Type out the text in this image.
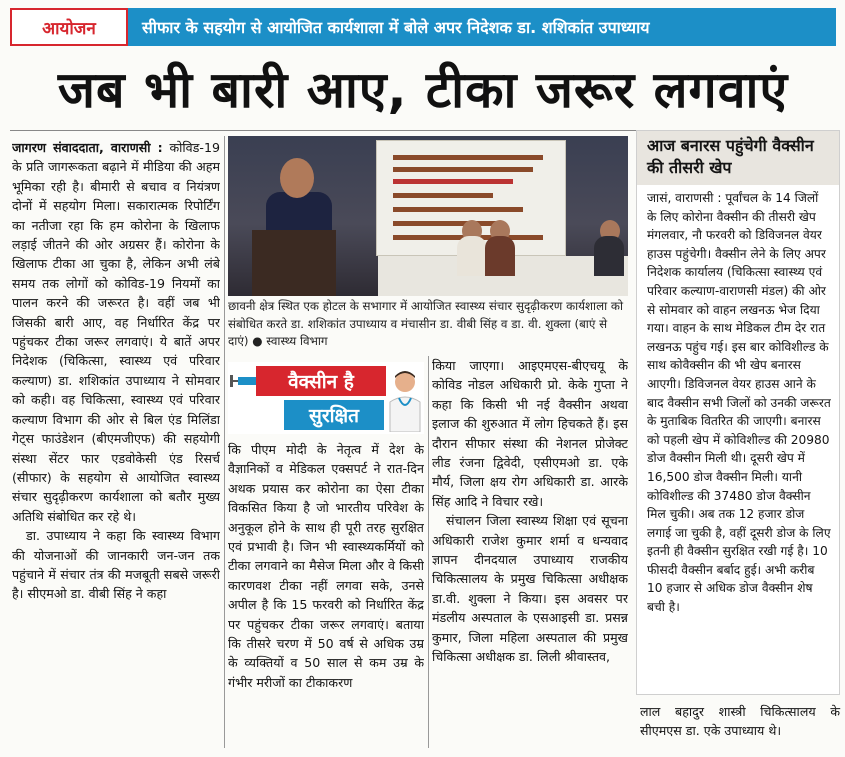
आयोजन	सीफार के सहयोग से आयोजित कार्यशाला में बोले अपर निदेशक डा. शशिकांत उपाध्याय
जब भी बारी आए, टीका जरूर लगवाएं

जागरण संवाददाता, वाराणसी : कोविड-19 के प्रति जागरूकता बढ़ाने में मीडिया की अहम भूमिका रही है। बीमारी से बचाव व नियंत्रण दोनों में सहयोग मिला। सकारात्मक रिपोर्टिंग का नतीजा रहा कि हम कोरोना के खिलाफ लड़ाई जीतने की ओर अग्रसर हैं। कोरोना के खिलाफ टीका आ चुका है, लेकिन अभी लंबे समय तक लोगों को कोविड-19 नियमों का पालन करने की जरूरत है। वहीं जब भी जिसकी बारी आए, वह निर्धारित केंद्र पर पहुंचकर टीका जरूर लगवाएं। ये बातें अपर निदेशक (चिकित्सा, स्वास्थ्य एवं परिवार कल्याण) डा. शशिकांत उपाध्याय ने सोमवार को कही। वह चिकित्सा, स्वास्थ्य एवं परिवार कल्याण विभाग की ओर से बिल एंड मिलिंडा गेट्स फाउंडेशन (बीएमजीएफ) की सहयोगी संस्था सेंटर फार एडवोकेसी एंड रिसर्च (सीफार) के सहयोग से आयोजित स्वास्थ्य संचार सुदृढ़ीकरण कार्यशाला को बतौर मुख्य अतिथि संबोधित कर रहे थे।

डा. उपाध्याय ने कहा कि स्वास्थ्य विभाग की योजनाओं की जानकारी जन-जन तक पहुंचाने में संचार तंत्र की मजबूती सबसे जरूरी है। सीएमओ डा. वीबी सिंह ने कहा

छावनी क्षेत्र स्थित एक होटल के सभागार में आयोजित स्वास्थ्य संचार सुदृढ़ीकरण कार्यशाला को संबोधित करते डा. शशिकांत उपाध्याय व मंचासीन डा. वीबी सिंह व डा. वी. शुक्ला (बाएं से दाएं) ● स्वास्थ्य विभाग
वैक्सीन है
सुरक्षित

कि पीएम मोदी के नेतृत्व में देश के वैज्ञानिकों व मेडिकल एक्सपर्ट ने रात-दिन अथक प्रयास कर कोरोना का ऐसा टीका विकसित किया है जो भारतीय परिवेश के अनुकूल होने के साथ ही पूरी तरह सुरक्षित एवं प्रभावी है। जिन भी स्वास्थ्यकर्मियों को टीका लगवाने का मैसेज मिला और वे किसी कारणवश टीका नहीं लगवा सके, उनसे अपील है कि 15 फरवरी को निर्धारित केंद्र पर पहुंचकर टीका जरूर लगवाएं। बताया कि तीसरे चरण में 50 वर्ष से अधिक उम्र के व्यक्तियों व 50 साल से कम उम्र के गंभीर मरीजों का टीकाकरण

किया जाएगा। आइएमएस-बीएचयू के कोविड नोडल अधिकारी प्रो. केके गुप्ता ने कहा कि किसी भी नई वैक्सीन अथवा इलाज की शुरुआत में लोग हिचकते हैं। इस दौरान सीफार संस्था की नेशनल प्रोजेक्ट लीड रंजना द्विवेदी, एसीएमओ डा. एके मौर्य, जिला क्षय रोग अधिकारी डा. आरके सिंह आदि ने विचार रखे।

संचालन जिला स्वास्थ्य शिक्षा एवं सूचना अधिकारी राजेश कुमार शर्मा व धन्यवाद ज्ञापन दीनदयाल उपाध्याय राजकीय चिकित्सालय के प्रमुख चिकित्सा अधीक्षक डा.वी. शुक्ला ने किया। इस अवसर पर मंडलीय अस्पताल के एसआइसी डा. प्रसन्न कुमार, जिला महिला अस्पताल की प्रमुख चिकित्सा अधीक्षक डा. लिली श्रीवास्तव,

आज बनारस पहुंचेगी वैक्सीन की तीसरी खेप
जासं, वाराणसी : पूर्वांचल के 14 जिलों के लिए कोरोना वैक्सीन की तीसरी खेप मंगलवार, नौ फरवरी को डिविजनल वेयर हाउस पहुंचेगी। वैक्सीन लेने के लिए अपर निदेशक कार्यालय (चिकित्सा स्वास्थ्य एवं परिवार कल्याण-वाराणसी मंडल) की ओर से सोमवार को वाहन लखनऊ भेज दिया गया। वाहन के साथ मेडिकल टीम देर रात लखनऊ पहुंच गई। इस बार कोविशील्ड के साथ कोवैक्सीन की भी खेप बनारस आएगी। डिविजनल वेयर हाउस आने के बाद वैक्सीन सभी जिलों को उनकी जरूरत के मुताबिक वितरित की जाएगी। बनारस को पहली खेप में कोविशील्ड की 20980 डोज वैक्सीन मिली थी। दूसरी खेप में 16,500 डोज वैक्सीन मिली। यानी कोविशील्ड की 37480 डोज वैक्सीन मिल चुकी। अब तक 12 हजार डोज लगाई जा चुकी है, वहीं दूसरी डोज के लिए इतनी ही वैक्सीन सुरक्षित रखी गई है। 10 फीसदी वैक्सीन बर्बाद हुई। अभी करीब 10 हजार से अधिक डोज वैक्सीन शेष बची है।
लाल बहादुर शास्त्री चिकित्सालय के सीएमएस डा. एके उपाध्याय थे।
